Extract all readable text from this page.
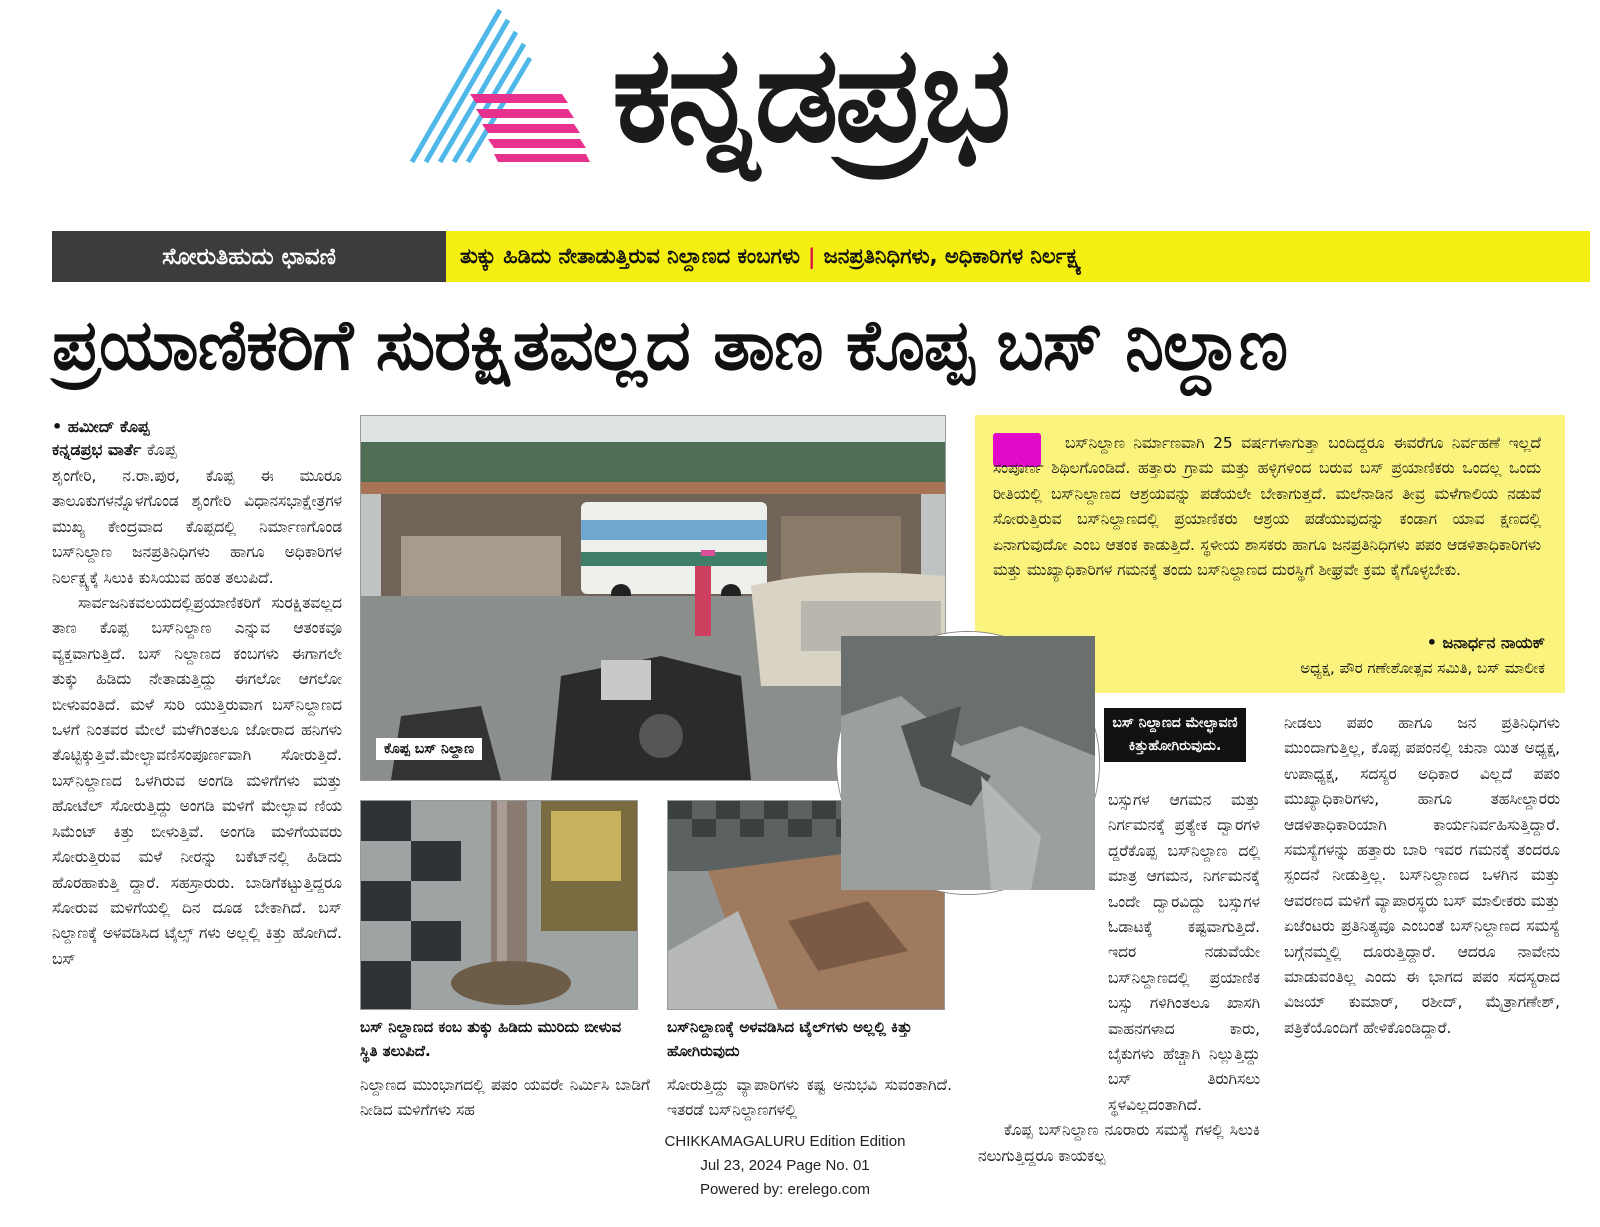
ಕನ್ನಡಪ್ರಭ
ಸೋರುತಿಹುದು ಛಾವಣಿ	ತುಕ್ಕು ಹಿಡಿದು ನೇತಾಡುತ್ತಿರುವ ನಿಲ್ದಾಣದ ಕಂಬಗಳು | ಜನಪ್ರತಿನಿಧಿಗಳು, ಅಧಿಕಾರಿಗಳ ನಿರ್ಲಕ್ಷ್ಯ
ಪ್ರಯಾಣಿಕರಿಗೆ ಸುರಕ್ಷಿತವಲ್ಲದ ತಾಣ ಕೊಪ್ಪ ಬಸ್ ನಿಲ್ದಾಣ
• ಹಮೀದ್ ಕೊಪ್ಪ
ಕನ್ನಡಪ್ರಭ ವಾರ್ತೆ ಕೊಪ್ಪ

ಶೃಂಗೇರಿ, ನ.ರಾ.ಪುರ, ಕೊಪ್ಪ ಈ ಮೂರೂ ತಾಲೂಕುಗಳನ್ನೊಳಗೊಂಡ ಶೃಂಗೇರಿ ವಿಧಾನಸಭಾಕ್ಷೇತ್ರಗಳ ಮುಖ್ಯ ಕೇಂದ್ರವಾದ ಕೊಪ್ಪದಲ್ಲಿ ನಿರ್ಮಾಣಗೊಂಡ ಬಸ್‌ನಿಲ್ದಾಣ ಜನಪ್ರತಿನಿಧಿಗಳು ಹಾಗೂ ಅಧಿಕಾರಿಗಳ ನಿರ್ಲಕ್ಷ್ಯಕ್ಕೆ ಸಿಲುಕಿ ಕುಸಿಯುವ ಹಂತ ತಲುಪಿದೆ.

ಸಾರ್ವಜನಿಕವಲಯದಲ್ಲಿಪ್ರಯಾಣಿಕರಿಗೆ ಸುರಕ್ಷಿತವಲ್ಲದ ತಾಣ ಕೊಪ್ಪ ಬಸ್‌ನಿಲ್ದಾಣ ಎನ್ನುವ ಆತಂಕವೂ ವ್ಯಕ್ತವಾಗುತ್ತಿದೆ. ಬಸ್ ನಿಲ್ದಾಣದ ಕಂಬಗಳು ಈಗಾಗಲೇ ತುಕ್ಕು ಹಿಡಿದು ನೇತಾಡುತ್ತಿದ್ದು ಈಗಲೋ ಆಗಲೋ ಬೀಳುವಂತಿದೆ. ಮಳೆ ಸುರಿ ಯುತ್ತಿರುವಾಗ ಬಸ್‌ನಿಲ್ದಾಣದ ಒಳಗೆ ನಿಂತವರ ಮೇಲೆ ಮಳೆಗಿಂತಲೂ ಜೋರಾದ ಹನಿಗಳು ತೊಟ್ಟಿಕ್ಕುತ್ತಿವೆ.ಮೇಲ್ಛಾವಣಿಸಂಪೂರ್ಣವಾಗಿ ಸೋರುತ್ತಿದೆ. ಬಸ್‌ನಿಲ್ದಾಣದ ಒಳಗಿರುವ ಅಂಗಡಿ ಮಳಿಗೆಗಳು ಮತ್ತು ಹೋಟೆಲ್ ಸೋರುತ್ತಿದ್ದು ಅಂಗಡಿ ಮಳಿಗೆ ಮೇಲ್ಛಾವ ಣಿಯ ಸಿಮೆಂಟ್ ಕಿತ್ತು ಬೀಳುತ್ತಿವೆ. ಅಂಗಡಿ ಮಳಿಗೆಯವರು ಸೋರುತ್ತಿರುವ ಮಳೆ ನೀರನ್ನು ಬಕೆಟ್‌ನಲ್ಲಿ ಹಿಡಿದು ಹೊರಹಾಕುತ್ತಿ ದ್ದಾರೆ. ಸಹಸ್ರಾರುರು. ಬಾಡಿಗೆಕಟ್ಟುತ್ತಿದ್ದರೂ ಸೋರುವ ಮಳಿಗೆಯಲ್ಲಿ ದಿನ ದೂಡ ಬೇಕಾಗಿದೆ. ಬಸ್ ನಿಲ್ದಾಣಕ್ಕೆ ಅಳವಡಿಸಿದ ಟೈಲ್ಸ್ ಗಳು ಅಲ್ಲಲ್ಲಿ ಕಿತ್ತು ಹೋಗಿದೆ. ಬಸ್

ಕೊಪ್ಪ ಬಸ್ ನಿಲ್ದಾಣ
ಬಸ್ ನಿಲ್ದಾಣದ ಕಂಬ ತುಕ್ಕು ಹಿಡಿದು ಮುರಿದು ಬೀಳುವ ಸ್ಥಿತಿ ತಲುಪಿದೆ.
ಬಸ್‌ನಿಲ್ದಾಣಕ್ಕೆ ಅಳವಡಿಸಿದ ಟೈಲ್‌ಗಳು ಅಲ್ಲಲ್ಲಿ ಕಿತ್ತು ಹೋಗಿರುವುದು
ನಿಲ್ದಾಣದ ಮುಂಭಾಗದಲ್ಲಿ ಪಪಂ ಯವರೇ ನಿರ್ಮಿಸಿ ಬಾಡಿಗೆ ನೀಡಿದ ಮಳಿಗೆಗಳು ಸಹ
ಸೋರುತ್ತಿದ್ದು ವ್ಯಾಪಾರಿಗಳು ಕಷ್ಟ ಅನುಭವಿ ಸುವಂತಾಗಿದೆ. ಇತರಡೆ ಬಸ್‌ನಿಲ್ದಾಣಗಳಲ್ಲಿ
ಬಸ್‌ನಿಲ್ದಾಣ ನಿರ್ಮಾಣವಾಗಿ 25 ವರ್ಷಗಳಾಗುತ್ತಾ ಬಂದಿದ್ದರೂ ಈವರೆಗೂ ನಿರ್ವಹಣೆ ಇಲ್ಲದೆ ಸಂಪೂರ್ಣ ಶಿಥಿಲಗೊಂಡಿದೆ. ಹತ್ತಾರು ಗ್ರಾಮ ಮತ್ತು ಹಳ್ಳಿಗಳಿಂದ ಬರುವ ಬಸ್ ಪ್ರಯಾಣಿಕರು ಒಂದಲ್ಲ ಒಂದು ರೀತಿಯಲ್ಲಿ ಬಸ್‌ನಿಲ್ದಾಣದ ಆಶ್ರಯವನ್ನು ಪಡೆಯಲೇ ಬೇಕಾಗುತ್ತದೆ. ಮಲೆನಾಡಿನ ತೀವ್ರ ಮಳೆಗಾಲಿಯ ನಡುವೆ ಸೋರುತ್ತಿರುವ ಬಸ್‌ನಿಲ್ದಾಣದಲ್ಲಿ ಪ್ರಯಾಣಿಕರು ಆಶ್ರಯ ಪಡೆಯುವುದನ್ನು ಕಂಡಾಗ ಯಾವ ಕ್ಷಣದಲ್ಲಿ ಏನಾಗುವುದೋ ಎಂಬ ಆತಂಕ ಕಾಡುತ್ತಿದೆ. ಸ್ಥಳೀಯ ಶಾಸಕರು ಹಾಗೂ ಜನಪ್ರತಿನಿಧಿಗಳು ಪಪಂ ಆಡಳಿತಾಧಿಕಾರಿಗಳು ಮತ್ತು ಮುಖ್ಯಾಧಿಕಾರಿಗಳ ಗಮನಕ್ಕೆ ತಂದು ಬಸ್‌ನಿಲ್ದಾಣದ ದುರಸ್ಥಿಗೆ ಶೀಘ್ರವೇ ಕ್ರಮ ಕೈಗೊಳ್ಳಬೇಕು.
• ಜನಾರ್ಧನ ನಾಯಕ್
ಅಧ್ಯಕ್ಷ, ಪೌರ ಗಣೇಶೋತ್ಸವ ಸಮಿತಿ, ಬಸ್ ಮಾಲೀಕ
ಬಸ್ ನಿಲ್ದಾಣದ ಮೇಲ್ಛಾವಣಿ ಕಿತ್ತುಹೋಗಿರುವುದು.

ಬಸ್ಸುಗಳ ಆಗಮನ ಮತ್ತು ನಿರ್ಗಮನಕ್ಕೆ ಪ್ರತ್ಯೇಕ ದ್ವಾರಗಳಿ ದ್ದರೆಕೊಪ್ಪ ಬಸ್‌ನಿಲ್ದಾಣ ದಲ್ಲಿ ಮಾತ್ರ ಆಗಮನ, ನಿರ್ಗಮನಕ್ಕೆ ಒಂದೇ ದ್ವಾರವಿದ್ದು ಬಸ್ಸುಗಳ ಓಡಾಟಕ್ಕೆ ಕಷ್ಟವಾಗುತ್ತಿದೆ. ಇದರ ನಡುವೆಯೇ ಬಸ್‌ನಿಲ್ದಾಣದಲ್ಲಿ ಪ್ರಯಾಣಿಕ ಬಸ್ಸು ಗಳಿಗಿಂತಲೂ ಖಾಸಗಿ ವಾಹನಗಳಾದ ಕಾರು, ಬೈಕುಗಳು ಹೆಚ್ಚಾಗಿ ನಿಲ್ಲುತ್ತಿದ್ದು ಬಸ್ ತಿರುಗಿಸಲು ಸ್ಥಳವಿಲ್ಲದಂತಾಗಿದೆ.

ಕೊಪ್ಪ ಬಸ್‌ನಿಲ್ದಾಣ ನೂರಾರು ಸಮಸ್ಯೆ ಗಳಲ್ಲಿ ಸಿಲುಕಿ ನಲುಗುತ್ತಿದ್ದರೂ ಕಾಯಕಲ್ಪ

ನೀಡಲು ಪಪಂ ಹಾಗೂ ಜನ ಪ್ರತಿನಿಧಿಗಳು ಮುಂದಾಗುತ್ತಿಲ್ಲ, ಕೊಪ್ಪ ಪಪಂನಲ್ಲಿ ಚುನಾ ಯಿತ ಅಧ್ಯಕ್ಷ, ಉಪಾಧ್ಯಕ್ಷ, ಸದಸ್ಯರ ಅಧಿಕಾರ ವಿಲ್ಲದೆ ಪಪಂ ಮುಖ್ಯಾಧಿಕಾರಿಗಳು, ಹಾಗೂ ತಹಸೀಲ್ದಾರರು ಆಡಳಿತಾಧಿಕಾರಿಯಾಗಿ ಕಾರ್ಯನಿರ್ವಹಿಸುತ್ತಿದ್ದಾರೆ. ಸಮಸ್ಯೆಗಳನ್ನು ಹತ್ತಾರು ಬಾರಿ ಇವರ ಗಮನಕ್ಕೆ ತಂದರೂ ಸ್ಪಂದನೆ ನೀಡುತ್ತಿಲ್ಲ. ಬಸ್‌ನಿಲ್ದಾಣದ ಒಳಗಿನ ಮತ್ತು ಆವರಣದ ಮಳಿಗೆ ವ್ಯಾಪಾರಸ್ಥರು ಬಸ್ ಮಾಲೀಕರು ಮತ್ತು ಏಜೆಂಟರು ಪ್ರತಿನಿತ್ಯವೂ ಎಂಬಂತೆ ಬಸ್‌ನಿಲ್ದಾಣದ ಸಮಸ್ಯೆ ಬಗ್ಗೆನಮ್ಮಲ್ಲಿ ದೂರುತ್ತಿದ್ದಾರೆ. ಆದರೂ ನಾವೇನು ಮಾಡುವಂತಿಲ್ಲ ಎಂದು ಈ ಭಾಗದ ಪಪಂ ಸದಸ್ಯರಾದ ವಿಜಯ್ ಕುಮಾರ್, ರಶೀದ್, ಮೈತ್ರಾಗಣೇಶ್, ಪತ್ರಿಕೆಯೊಂದಿಗೆ ಹೇಳಿಕೊಂಡಿದ್ದಾರೆ.

CHIKKAMAGALURU Edition Edition
Jul 23, 2024 Page No. 01
Powered by: erelego.com
